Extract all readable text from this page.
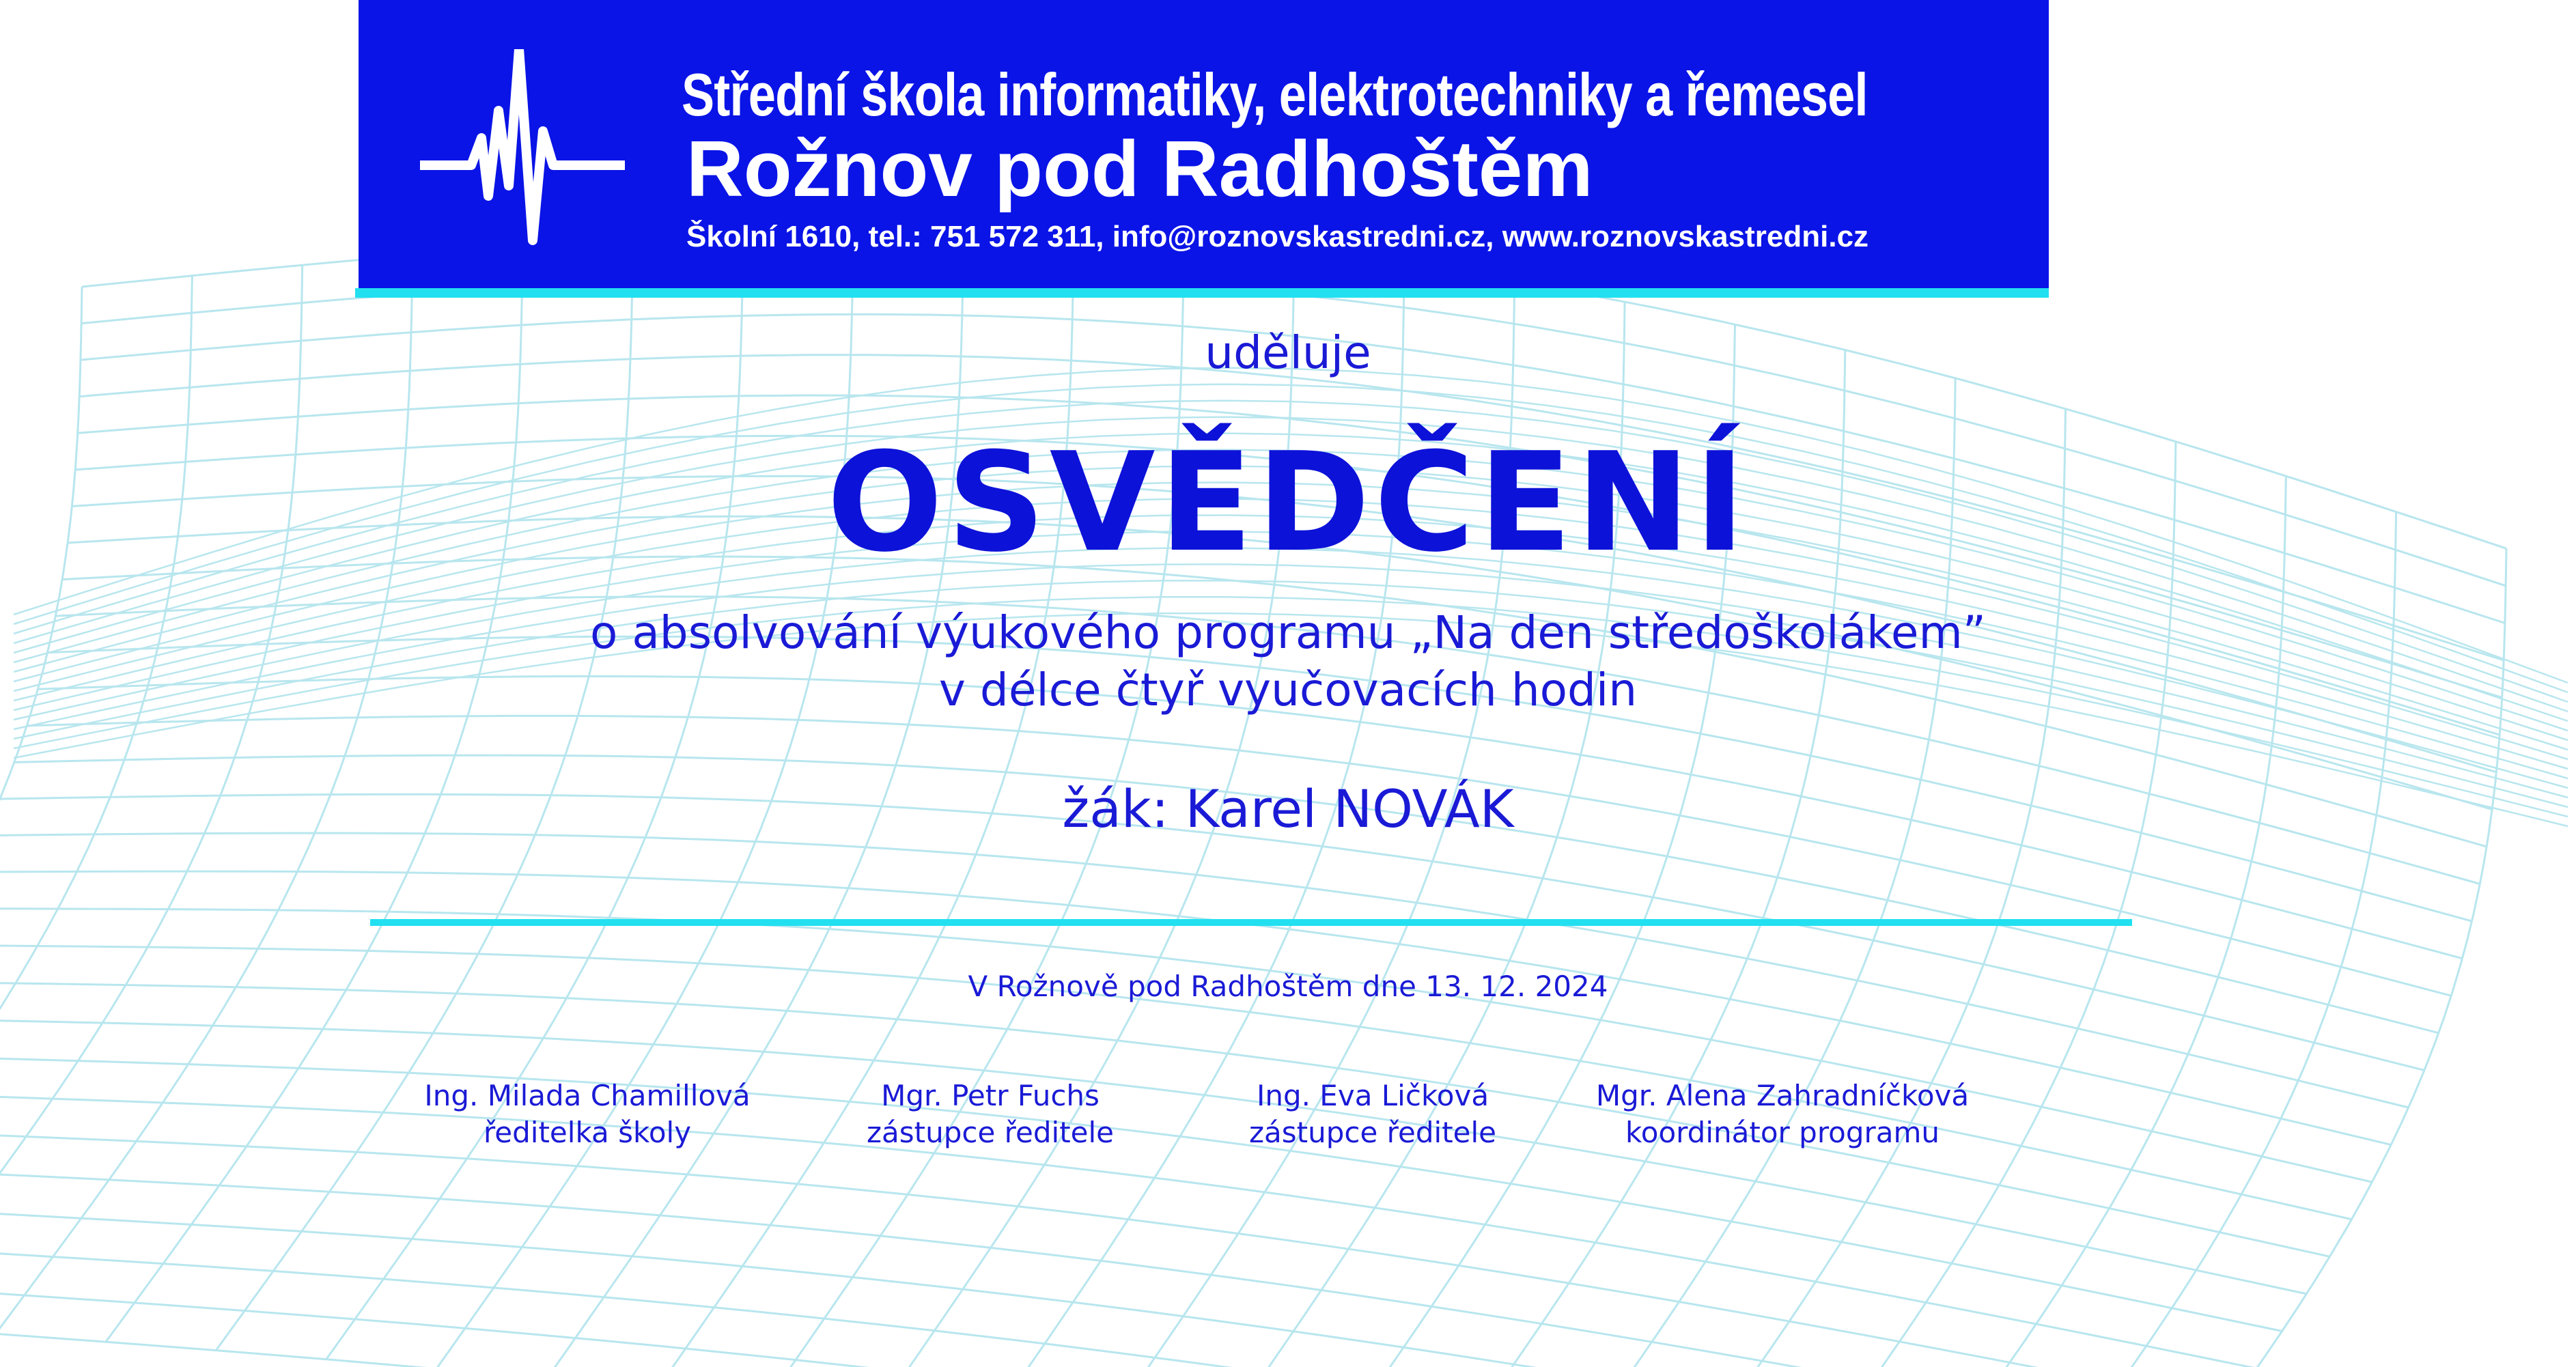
Střední škola informatiky, elektrotechniky a řemesel
Rožnov pod Radhoštěm
Školní 1610, tel.: 751 572 311, info@roznovskastredni.cz, www.roznovskastredni.cz
uděluje
OSVĚDČENÍ
o absolvování výukového programu „Na den středoškolákem”
v délce čtyř vyučovacích hodin
žák: Karel NOVÁK
V Rožnově pod Radhoštěm dne 13. 12. 2024
Ing. Milada Chamillová
ředitelka školy
Mgr. Petr Fuchs
zástupce ředitele
Ing. Eva Ličková
zástupce ředitele
Mgr. Alena Zahradníčková
koordinátor programu
